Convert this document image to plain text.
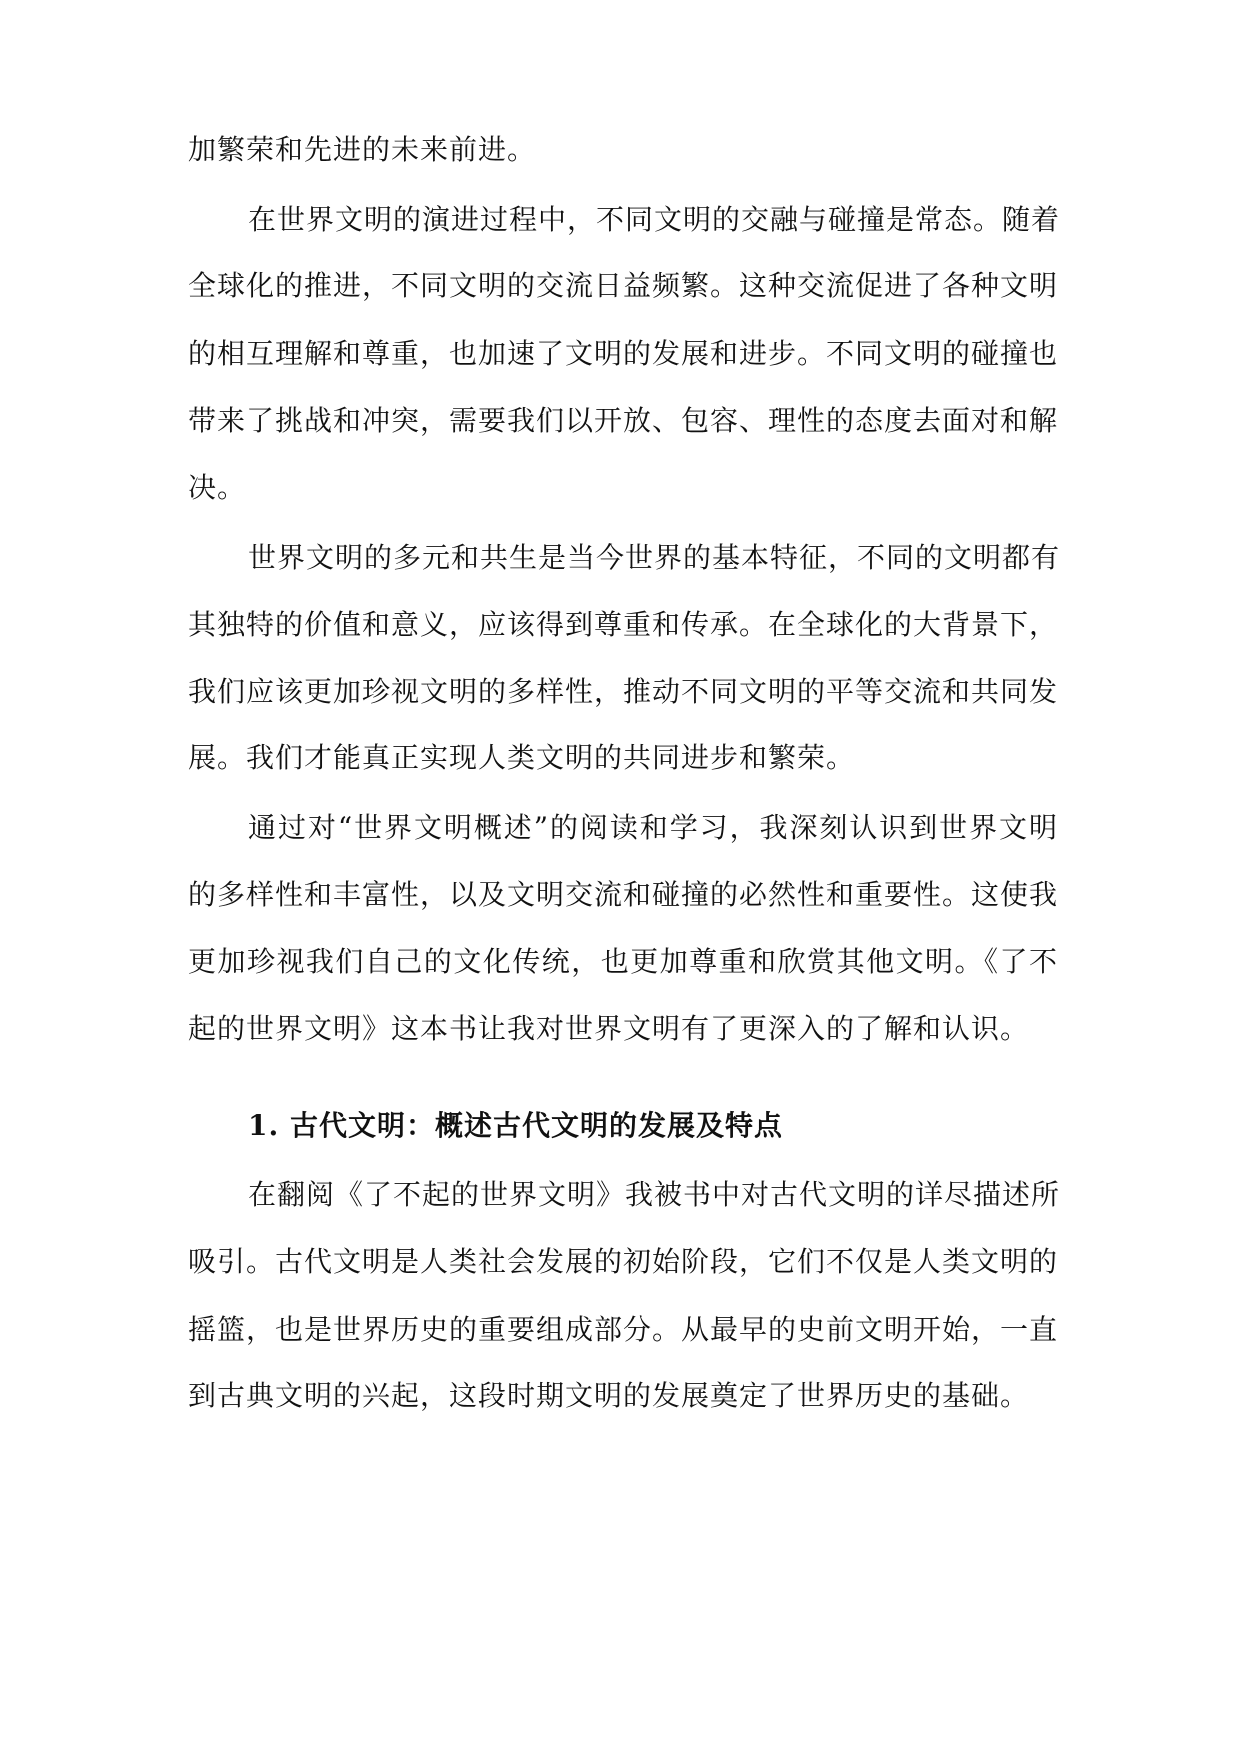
加繁荣和先进的未来前进。
在世界文明的演进过程中，不同文明的交融与碰撞是常态。随着
全球化的推进，不同文明的交流日益频繁。这种交流促进了各种文明
的相互理解和尊重，也加速了文明的发展和进步。不同文明的碰撞也
带来了挑战和冲突，需要我们以开放、包容、理性的态度去面对和解
决。
世界文明的多元和共生是当今世界的基本特征，不同的文明都有
其独特的价值和意义，应该得到尊重和传承。在全球化的大背景下，
我们应该更加珍视文明的多样性，推动不同文明的平等交流和共同发
展。我们才能真正实现人类文明的共同进步和繁荣。
通过对“世界文明概述”的阅读和学习，我深刻认识到世界文明
的多样性和丰富性，以及文明交流和碰撞的必然性和重要性。这使我
更加珍视我们自己的文化传统，也更加尊重和欣赏其他文明。《了不
起的世界文明》这本书让我对世界文明有了更深入的了解和认识。
1. 古代文明：概述古代文明的发展及特点
在翻阅《了不起的世界文明》我被书中对古代文明的详尽描述所
吸引。古代文明是人类社会发展的初始阶段，它们不仅是人类文明的
摇篮，也是世界历史的重要组成部分。从最早的史前文明开始，一直
到古典文明的兴起，这段时期文明的发展奠定了世界历史的基础。
